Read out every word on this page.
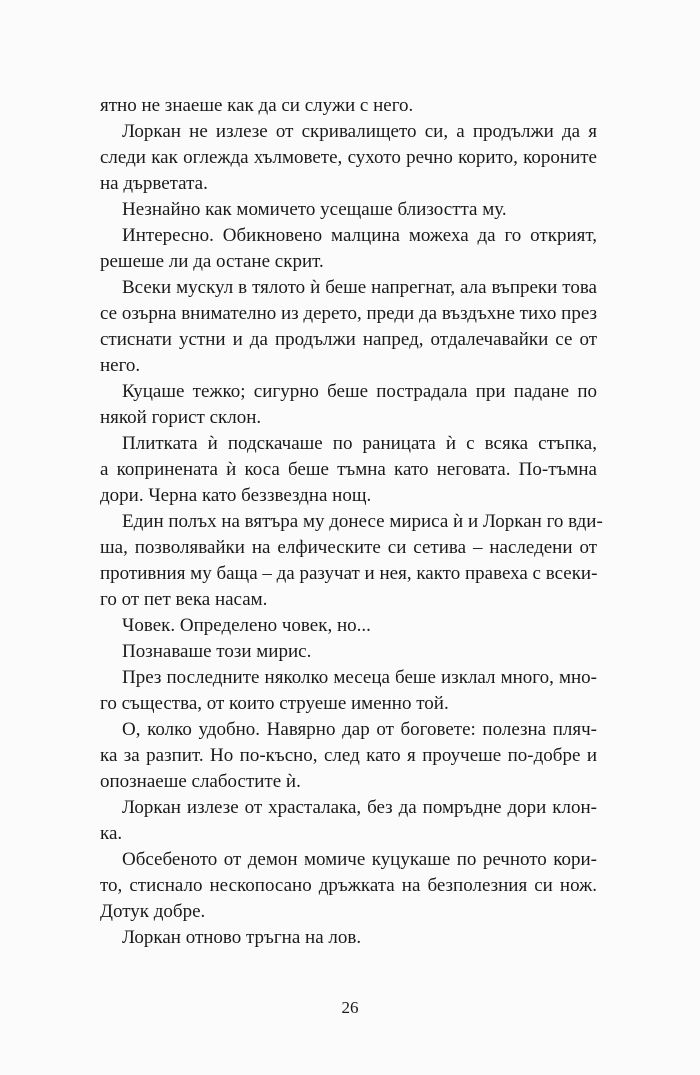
ятно не знаеше как да си служи с него.
Лоркан не излезе от скривалището си, а продължи да я
следи как оглежда хълмовете, сухото речно корито, короните
на дърветата.
Незнайно как момичето усещаше близостта му.
Интересно. Обикновено малцина можеха да го открият,
решеше ли да остане скрит.
Всеки мускул в тялото ѝ беше напрегнат, ала въпреки това
се озърна внимателно из дерето, преди да въздъхне тихо през
стиснати устни и да продължи напред, отдалечавайки се от
него.
Куцаше тежко; сигурно беше пострадала при падане по
някой горист склон.
Плитката ѝ подскачаше по раницата ѝ с всяка стъпка,
а копринената ѝ коса беше тъмна като неговата. По-тъмна
дори. Черна като беззвездна нощ.
Един полъх на вятъра му донесе мириса ѝ и Лоркан го вди-
ша, позволявайки на елфическите си сетива – наследени от
противния му баща – да разучат и нея, както правеха с всеки-
го от пет века насам.
Човек. Определено човек, но...
Познаваше този мирис.
През последните няколко месеца беше изклал много, мно-
го същества, от които струеше именно той.
О, колко удобно. Навярно дар от боговете: полезна пляч-
ка за разпит. Но по-късно, след като я проучеше по-добре и
опознаеше слабостите ѝ.
Лоркан излезе от храсталака, без да помръдне дори клон-
ка.
Обсебеното от демон момиче куцукаше по речното кори-
то, стиснало нескопосано дръжката на безполезния си нож.
Дотук добре.
Лоркан отново тръгна на лов.
26
